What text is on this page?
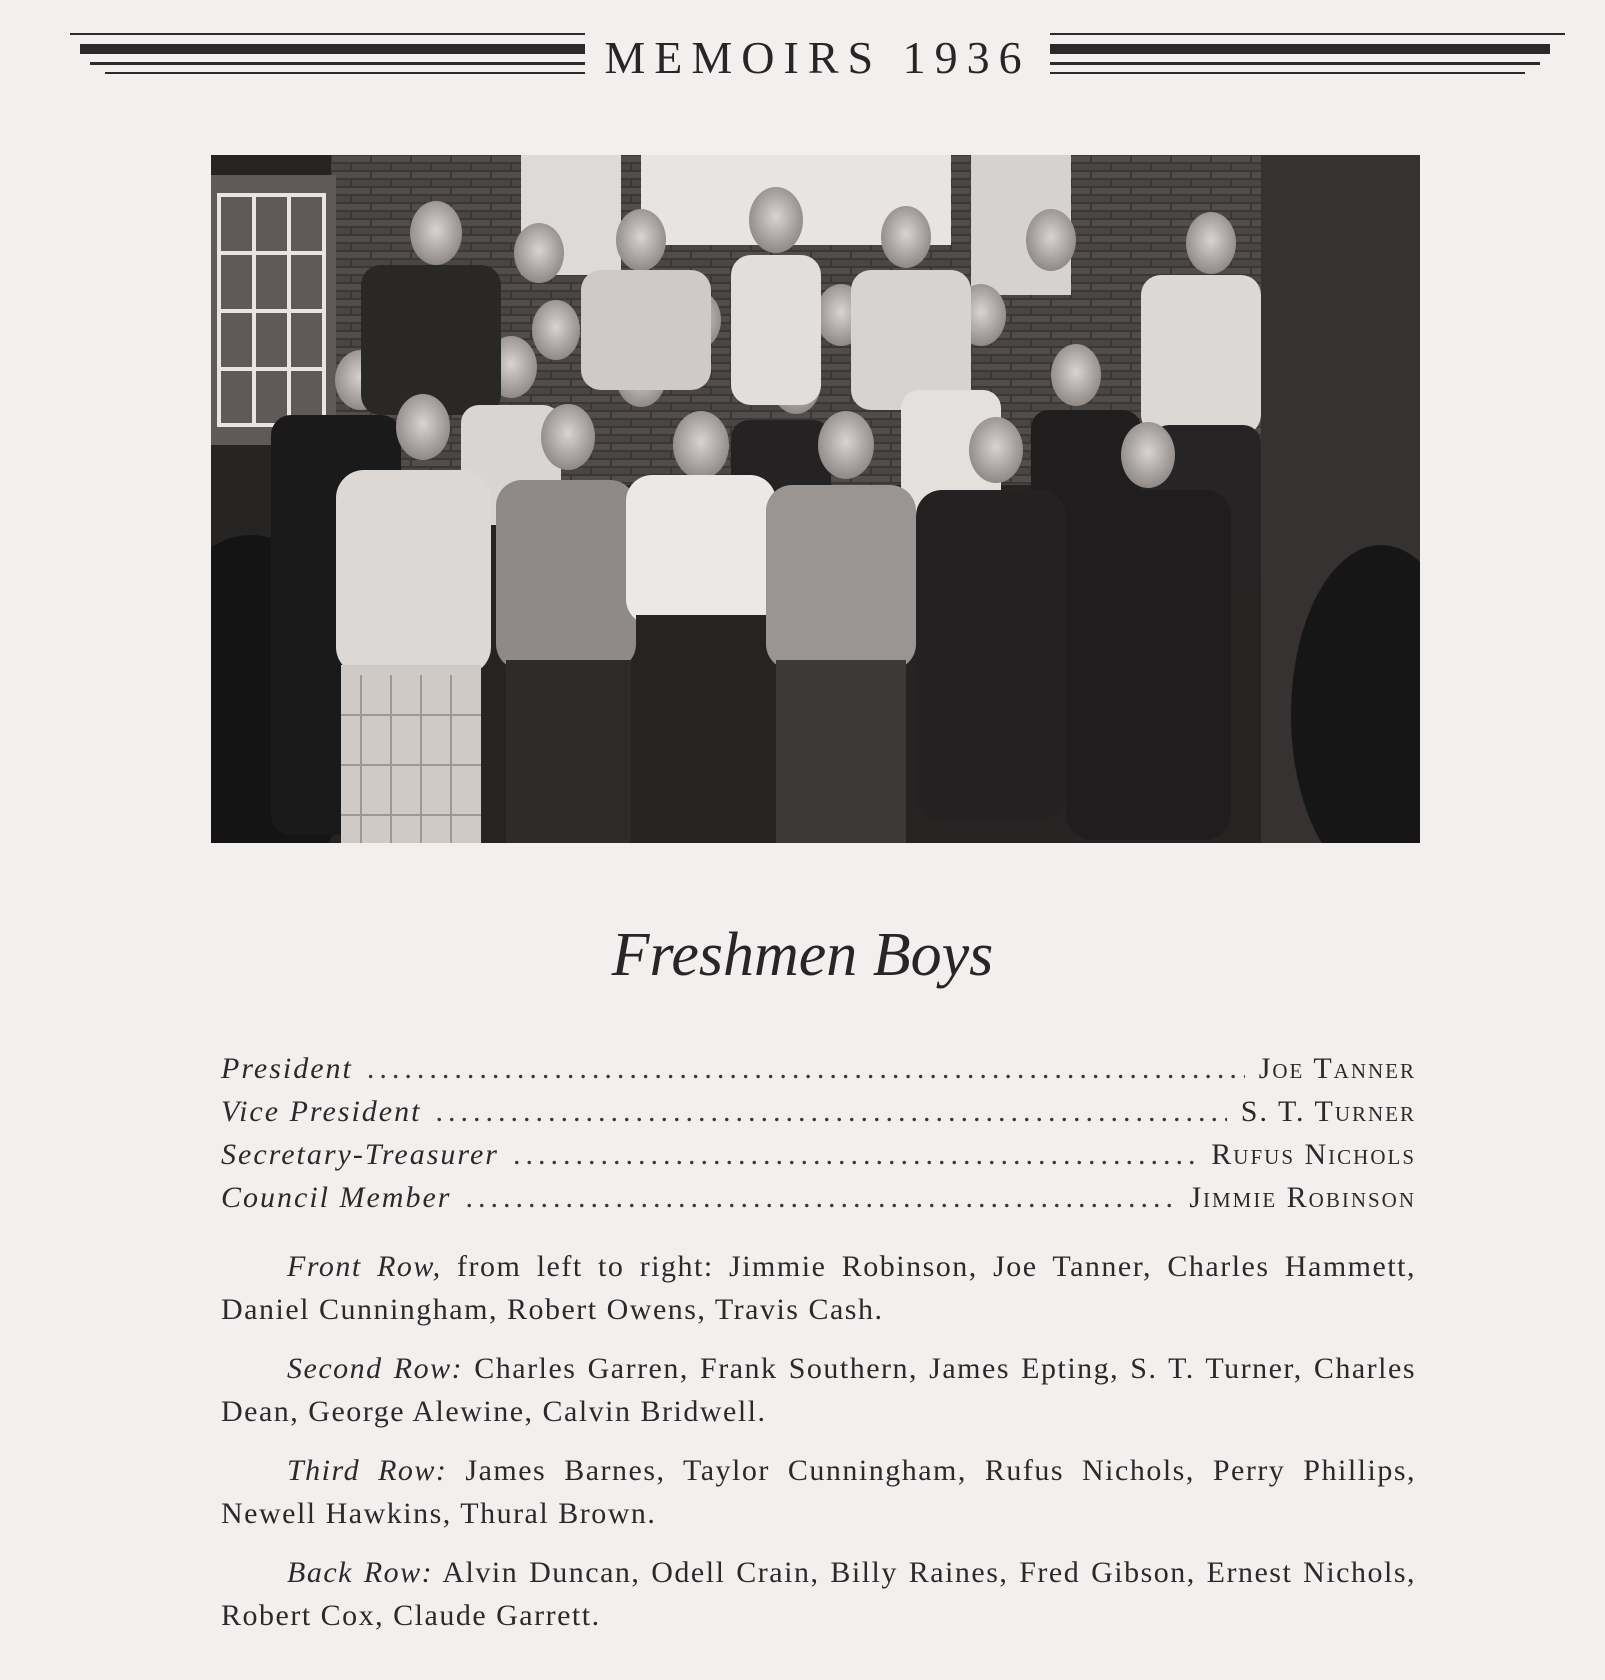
MEMOIRS 1936
Freshmen Boys
President .....	Joe Tanner
Vice President .....	S. T. Turner
Secretary-Treasurer .....	Rufus Nichols
Council Member .....	Jimmie Robinson

Front Row, from left to right: Jimmie Robinson, Joe Tanner, Charles Hammett, Daniel Cunningham, Robert Owens, Travis Cash.

Second Row: Charles Garren, Frank Southern, James Epting, S. T. Turner, Charles Dean, George Alewine, Calvin Bridwell.

Third Row: James Barnes, Taylor Cunningham, Rufus Nichols, Perry Phillips, Newell Hawkins, Thural Brown.

Back Row: Alvin Duncan, Odell Crain, Billy Raines, Fred Gibson, Ernest Nichols, Robert Cox, Claude Garrett.
